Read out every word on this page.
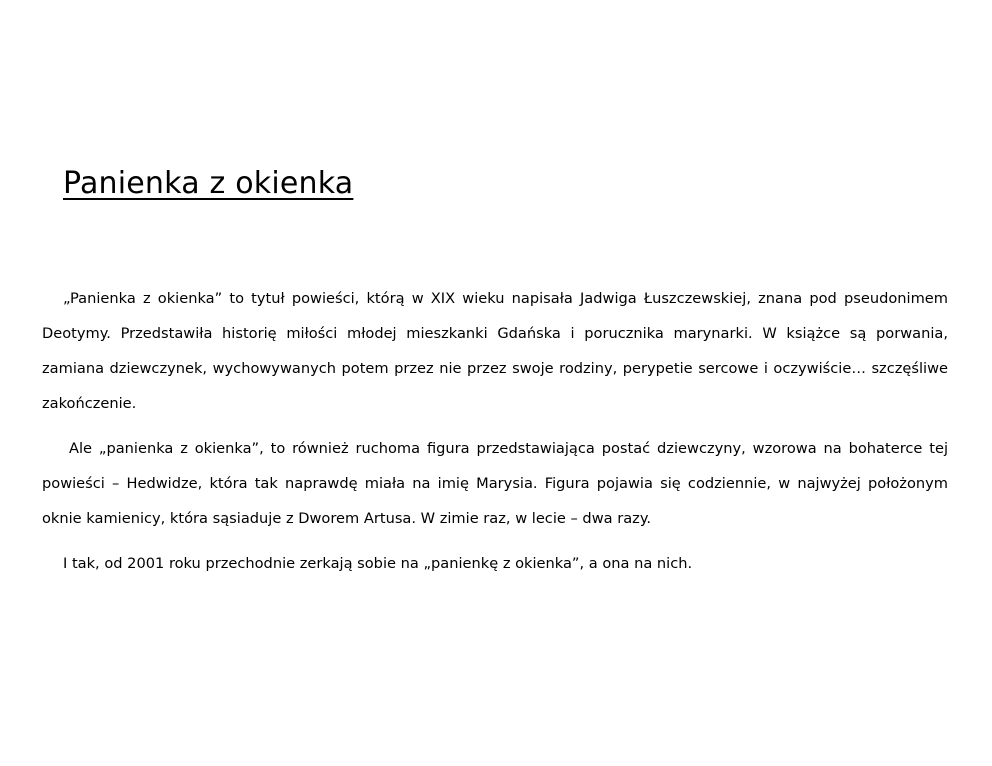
Panienka z okienka

„Panienka z okienka” to tytuł powieści, którą w XIX wieku napisała Jadwiga Łuszczewskiej, znana pod pseudonimem Deotymy. Przedstawiła historię miłości młodej mieszkanki Gdańska i porucznika marynarki. W książce są porwania, zamiana dziewczynek, wychowywanych potem przez nie przez swoje rodziny, perypetie sercowe i oczywiście… szczęśliwe zakończenie.

Ale „panienka z okienka”, to również ruchoma figura przedstawiająca postać dziewczyny, wzorowa na bohaterce tej powieści – Hedwidze, która tak naprawdę miała na imię Marysia. Figura pojawia się codziennie, w najwyżej położonym oknie kamienicy, która sąsiaduje z Dworem Artusa. W zimie raz, w lecie – dwa razy.

I tak, od 2001 roku przechodnie zerkają sobie na „panienkę z okienka”, a ona na nich.
